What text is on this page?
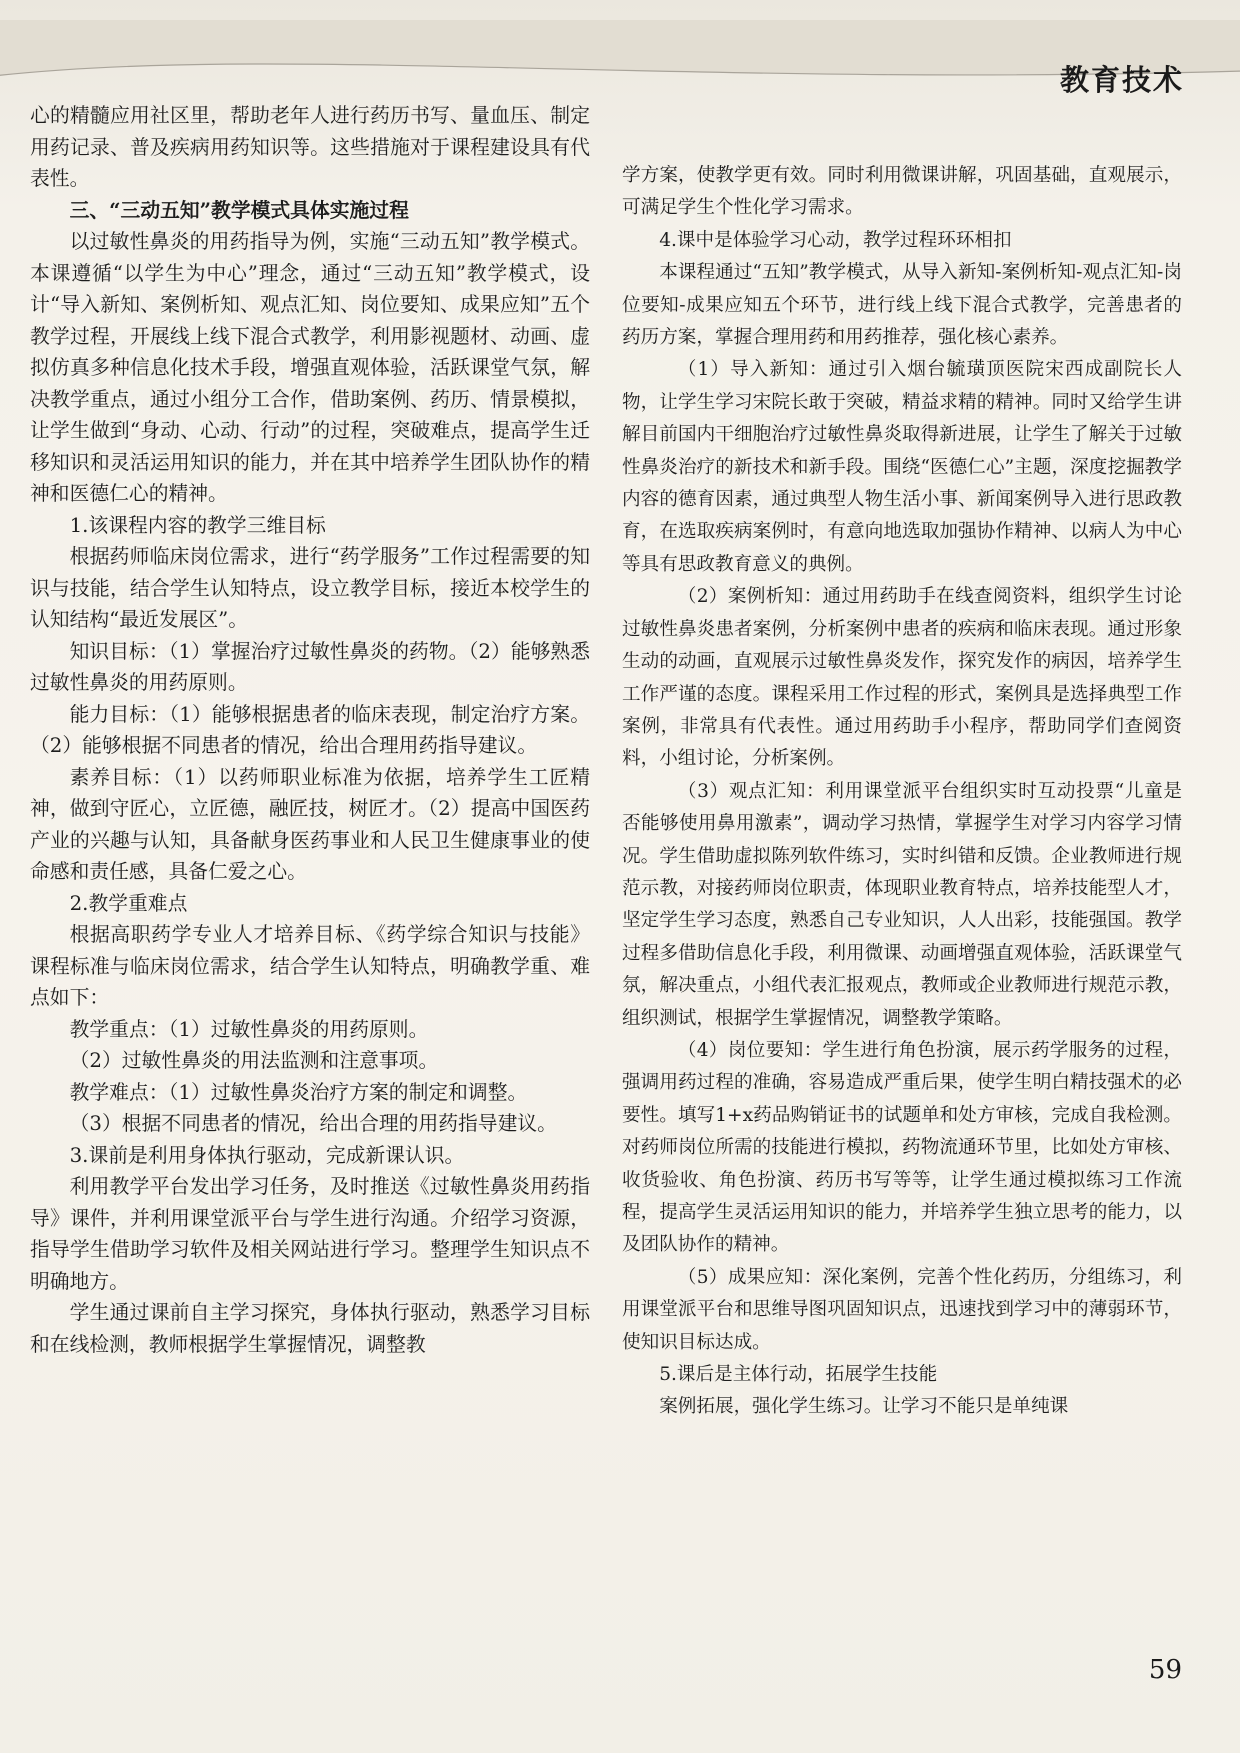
教育技术

心的精髓应用社区里，帮助老年人进行药历书写、量血压、制定用药记录、普及疾病用药知识等。这些措施对于课程建设具有代表性。

三、“三动五知”教学模式具体实施过程

以过敏性鼻炎的用药指导为例，实施“三动五知”教学模式。本课遵循“以学生为中心”理念，通过“三动五知”教学模式，设计“导入新知、案例析知、观点汇知、岗位要知、成果应知”五个教学过程，开展线上线下混合式教学，利用影视题材、动画、虚拟仿真多种信息化技术手段，增强直观体验，活跃课堂气氛，解决教学重点，通过小组分工合作，借助案例、药历、情景模拟，让学生做到“身动、心动、行动”的过程，突破难点，提高学生迁移知识和灵活运用知识的能力，并在其中培养学生团队协作的精神和医德仁心的精神。

1.该课程内容的教学三维目标

根据药师临床岗位需求，进行“药学服务”工作过程需要的知识与技能，结合学生认知特点，设立教学目标，接近本校学生的认知结构“最近发展区”。

知识目标：（1）掌握治疗过敏性鼻炎的药物。（2）能够熟悉过敏性鼻炎的用药原则。

能力目标：（1）能够根据患者的临床表现，制定治疗方案。（2）能够根据不同患者的情况，给出合理用药指导建议。

素养目标：（1）以药师职业标准为依据，培养学生工匠精神，做到守匠心，立匠德，融匠技，树匠才。（2）提高中国医药产业的兴趣与认知，具备献身医药事业和人民卫生健康事业的使命感和责任感，具备仁爱之心。

2.教学重难点

根据高职药学专业人才培养目标、《药学综合知识与技能》课程标准与临床岗位需求，结合学生认知特点，明确教学重、难点如下：

教学重点：（1）过敏性鼻炎的用药原则。

（2）过敏性鼻炎的用法监测和注意事项。

教学难点：（1）过敏性鼻炎治疗方案的制定和调整。

（3）根据不同患者的情况，给出合理的用药指导建议。

3.课前是利用身体执行驱动，完成新课认识。

利用教学平台发出学习任务，及时推送《过敏性鼻炎用药指导》课件，并利用课堂派平台与学生进行沟通。介绍学习资源，指导学生借助学习软件及相关网站进行学习。整理学生知识点不明确地方。

学生通过课前自主学习探究，身体执行驱动，熟悉学习目标和在线检测，教师根据学生掌握情况，调整教

学方案，使教学更有效。同时利用微课讲解，巩固基础，直观展示，可满足学生个性化学习需求。

4.课中是体验学习心动，教学过程环环相扣

本课程通过“五知”教学模式，从导入新知-案例析知-观点汇知-岗位要知-成果应知五个环节，进行线上线下混合式教学，完善患者的药历方案，掌握合理用药和用药推荐，强化核心素养。

（1）导入新知：通过引入烟台毓璜顶医院宋西成副院长人物，让学生学习宋院长敢于突破，精益求精的精神。同时又给学生讲解目前国内干细胞治疗过敏性鼻炎取得新进展，让学生了解关于过敏性鼻炎治疗的新技术和新手段。围绕“医德仁心”主题，深度挖掘教学内容的德育因素，通过典型人物生活小事、新闻案例导入进行思政教育，在选取疾病案例时，有意向地选取加强协作精神、以病人为中心等具有思政教育意义的典例。

（2）案例析知：通过用药助手在线查阅资料，组织学生讨论过敏性鼻炎患者案例，分析案例中患者的疾病和临床表现。通过形象生动的动画，直观展示过敏性鼻炎发作，探究发作的病因，培养学生工作严谨的态度。课程采用工作过程的形式，案例具是选择典型工作案例，非常具有代表性。通过用药助手小程序，帮助同学们查阅资料，小组讨论，分析案例。

（3）观点汇知：利用课堂派平台组织实时互动投票“儿童是否能够使用鼻用激素”，调动学习热情，掌握学生对学习内容学习情况。学生借助虚拟陈列软件练习，实时纠错和反馈。企业教师进行规范示教，对接药师岗位职责，体现职业教育特点，培养技能型人才，坚定学生学习态度，熟悉自己专业知识，人人出彩，技能强国。教学过程多借助信息化手段，利用微课、动画增强直观体验，活跃课堂气氛，解决重点，小组代表汇报观点，教师或企业教师进行规范示教，组织测试，根据学生掌握情况，调整教学策略。

（4）岗位要知：学生进行角色扮演，展示药学服务的过程，强调用药过程的准确，容易造成严重后果，使学生明白精技强术的必要性。填写1+x药品购销证书的试题单和处方审核，完成自我检测。对药师岗位所需的技能进行模拟，药物流通环节里，比如处方审核、收货验收、角色扮演、药历书写等等，让学生通过模拟练习工作流程，提高学生灵活运用知识的能力，并培养学生独立思考的能力，以及团队协作的精神。

（5）成果应知：深化案例，完善个性化药历，分组练习，利用课堂派平台和思维导图巩固知识点，迅速找到学习中的薄弱环节，使知识目标达成。

5.课后是主体行动，拓展学生技能

案例拓展，强化学生练习。让学习不能只是单纯课

59
